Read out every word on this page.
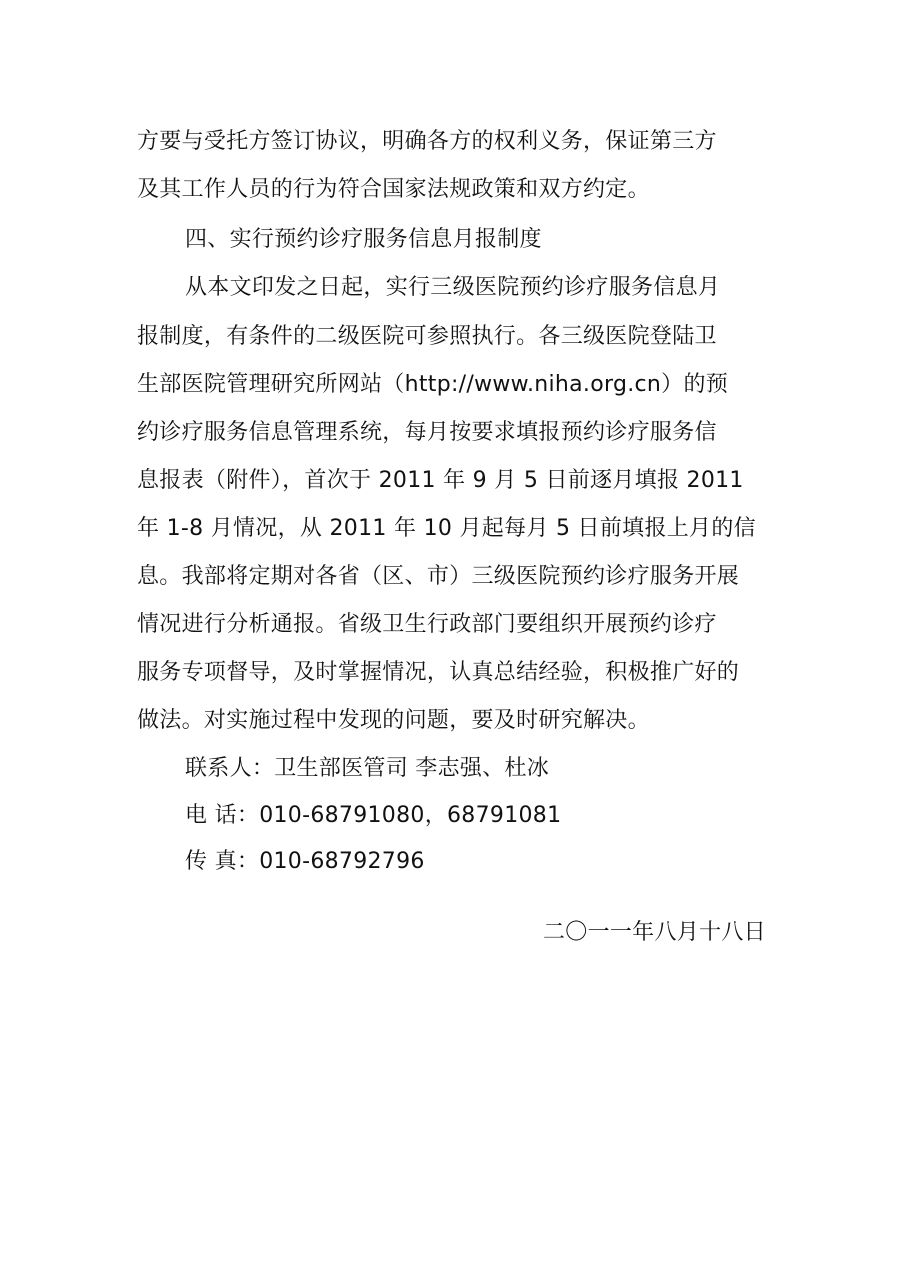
方要与受托方签订协议，明确各方的权利义务，保证第三方
及其工作人员的行为符合国家法规政策和双方约定。
四、实行预约诊疗服务信息月报制度
从本文印发之日起，实行三级医院预约诊疗服务信息月
报制度，有条件的二级医院可参照执行。各三级医院登陆卫
生部医院管理研究所网站（http://www.niha.org.cn）的预
约诊疗服务信息管理系统，每月按要求填报预约诊疗服务信
息报表（附件），首次于 2011 年 9 月 5 日前逐月填报 2011
年 1-8 月情况，从 2011 年 10 月起每月 5 日前填报上月的信
息。我部将定期对各省（区、市）三级医院预约诊疗服务开展
情况进行分析通报。省级卫生行政部门要组织开展预约诊疗
服务专项督导，及时掌握情况，认真总结经验，积极推广好的
做法。对实施过程中发现的问题，要及时研究解决。
联系人：卫生部医管司 李志强、杜冰
电 话：010-68791080，68791081
传 真：010-68792796
二〇一一年八月十八日
